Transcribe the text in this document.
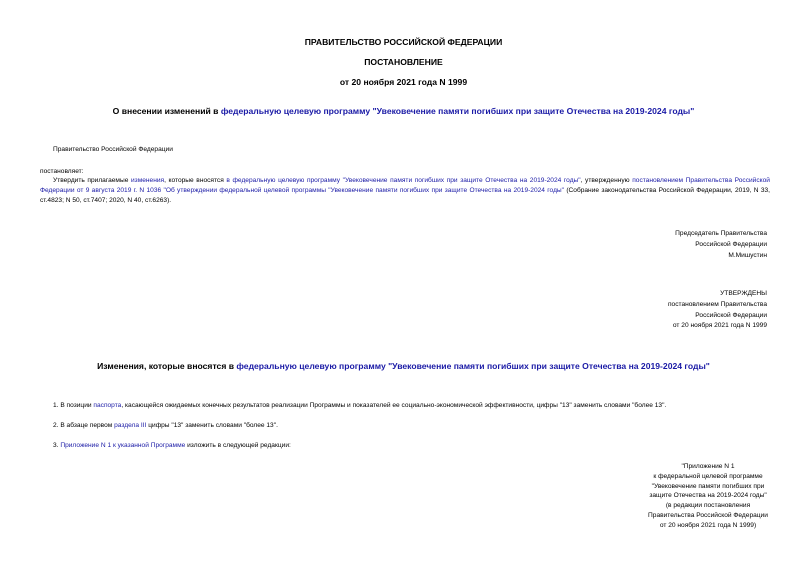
ПРАВИТЕЛЬСТВО РОССИЙСКОЙ ФЕДЕРАЦИИ
ПОСТАНОВЛЕНИЕ
от 20 ноября 2021 года N 1999
О внесении изменений в федеральную целевую программу "Увековечение памяти погибших при защите Отечества на 2019-2024 годы"
Правительство Российской Федерации
постановляет:
Утвердить прилагаемые изменения, которые вносятся в федеральную целевую программу "Увековечение памяти погибших при защите Отечества на 2019-2024 годы", утвержденную постановлением Правительства Российской Федерации от 9 августа 2019 г. N 1036 "Об утверждении федеральной целевой программы "Увековечение памяти погибших при защите Отечества на 2019-2024 годы" (Собрание законодательства Российской Федерации, 2019, N 33, ст.4823; N 50, ст.7407; 2020, N 40, ст.6263).
Председатель Правительства
Российской Федерации
М.Мишустин
УТВЕРЖДЕНЫ
постановлением Правительства
Российской Федерации
от 20 ноября 2021 года N 1999
Изменения, которые вносятся в федеральную целевую программу "Увековечение памяти погибших при защите Отечества на 2019-2024 годы"
1. В позиции паспорта, касающейся ожидаемых конечных результатов реализации Программы и показателей ее социально-экономической эффективности, цифры "13" заменить словами "более 13".
2. В абзаце первом раздела III цифры "13" заменить словами "более 13".
3. Приложение N 1 к указанной Программе изложить в следующей редакции:
"Приложение N 1
к федеральной целевой программе
"Увековечение памяти погибших при
защите Отечества на 2019-2024 годы"
(в редакции постановления
Правительства Российской Федерации
от 20 ноября 2021 года N 1999)
